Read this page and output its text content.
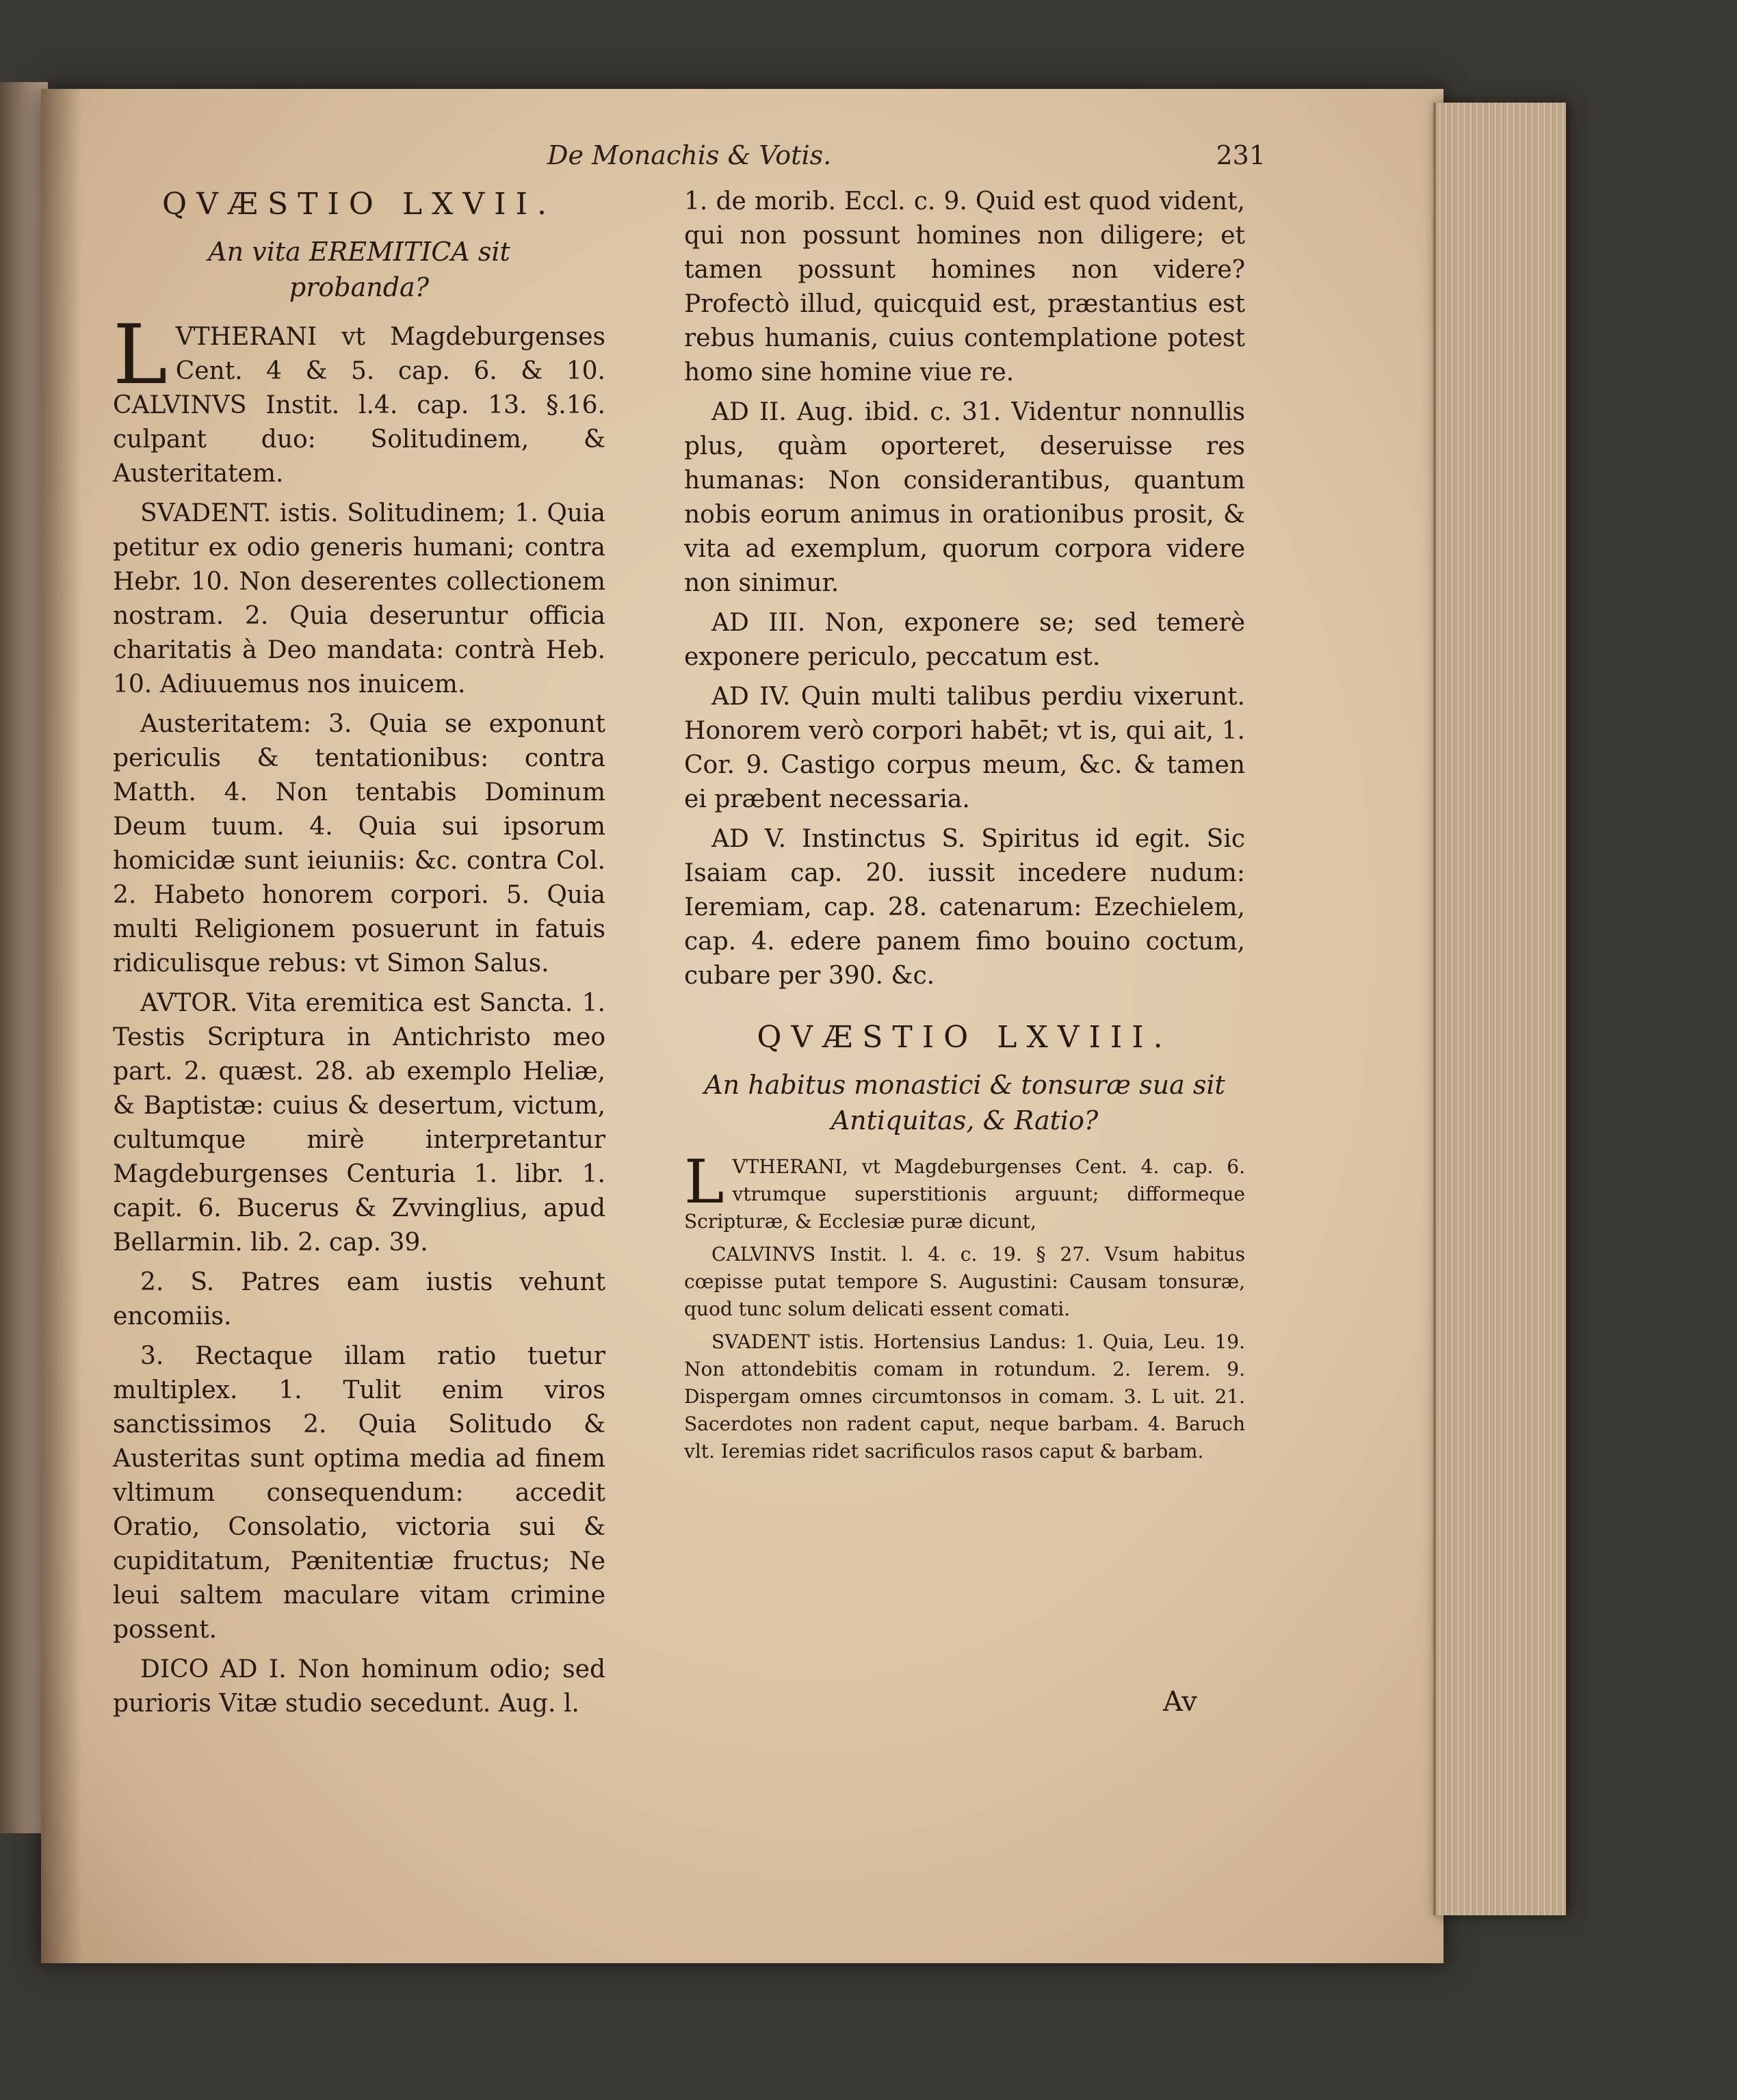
De Monachis & Votis.	231
QVÆSTIO LXVII.
An vita EREMITICA sit
probanda?

LVTHERANI vt Magdeburgenses Cent. 4 & 5. cap. 6. & 10. CALVINVS Instit. l.4. cap. 13. §.16. culpant duo: Solitudinem, & Austeritatem.

SVADENT. istis. Solitudinem; 1. Quia petitur ex odio generis humani; contra Hebr. 10. Non deserentes collectionem nostram. 2. Quia deseruntur officia charitatis à Deo mandata: contrà Heb. 10. Adiuuemus nos inuicem.

Austeritatem: 3. Quia se exponunt periculis & tentationibus: contra Matth. 4. Non tentabis Dominum Deum tuum. 4. Quia sui ipsorum homicidæ sunt ieiuniis: &c. contra Col. 2. Habeto honorem corpori. 5. Quia multi Religionem posuerunt in fatuis ridiculisque rebus: vt Simon Salus.

AVTOR. Vita eremitica est Sancta. 1. Testis Scriptura in Antichristo meo part. 2. quæst. 28. ab exemplo Heliæ, & Baptistæ: cuius & desertum, victum, cultumque mirè interpretantur Magdeburgenses Centuria 1. libr. 1. capit. 6. Bucerus & Zvvinglius, apud Bellarmin. lib. 2. cap. 39.

2. S. Patres eam iustis vehunt encomiis.

3. Rectaque illam ratio tuetur multiplex. 1. Tulit enim viros sanctissimos 2. Quia Solitudo & Austeritas sunt optima media ad finem vltimum consequendum: accedit Oratio, Consolatio, victoria sui & cupiditatum, Pænitentiæ fructus; Ne leui saltem maculare vitam crimine possent.

DICO AD I. Non hominum odio; sed purioris Vitæ studio secedunt. Aug. l.

1. de morib. Eccl. c. 9. Quid est quod vident, qui non possunt homines non diligere; et tamen possunt homines non videre? Profectò illud, quicquid est, præstantius est rebus humanis, cuius contemplatione potest homo sine homine viue re.

AD II. Aug. ibid. c. 31. Videntur nonnullis plus, quàm oporteret, deseruisse res humanas: Non considerantibus, quantum nobis eorum animus in orationibus prosit, & vita ad exemplum, quorum corpora videre non sinimur.

AD III. Non, exponere se; sed temerè exponere periculo, peccatum est.

AD IV. Quin multi talibus perdiu vixerunt. Honorem verò corpori habēt; vt is, qui ait, 1. Cor. 9. Castigo corpus meum, &c. & tamen ei præbent necessaria.

AD V. Instinctus S. Spiritus id egit. Sic Isaiam cap. 20. iussit incedere nudum: Ieremiam, cap. 28. catenarum: Ezechielem, cap. 4. edere panem fimo bouino coctum, cubare per 390. &c.

QVÆSTIO LXVIII.
An habitus monastici & tonsuræ sua sit
Antiquitas, & Ratio?

LVTHERANI, vt Magdeburgenses Cent. 4. cap. 6. vtrumque superstitionis arguunt; difformeque Scripturæ, & Ecclesiæ puræ dicunt,

CALVINVS Instit. l. 4. c. 19. § 27. Vsum habitus cœpisse putat tempore S. Augustini: Causam tonsuræ, quod tunc solum delicati essent comati.

SVADENT istis. Hortensius Landus: 1. Quia, Leu. 19. Non attondebitis comam in rotundum. 2. Ierem. 9. Dispergam omnes circumtonsos in comam. 3. L uit. 21. Sacerdotes non radent caput, neque barbam. 4. Baruch vlt. Ieremias ridet sacrificulos rasos caput & barbam.

Av
